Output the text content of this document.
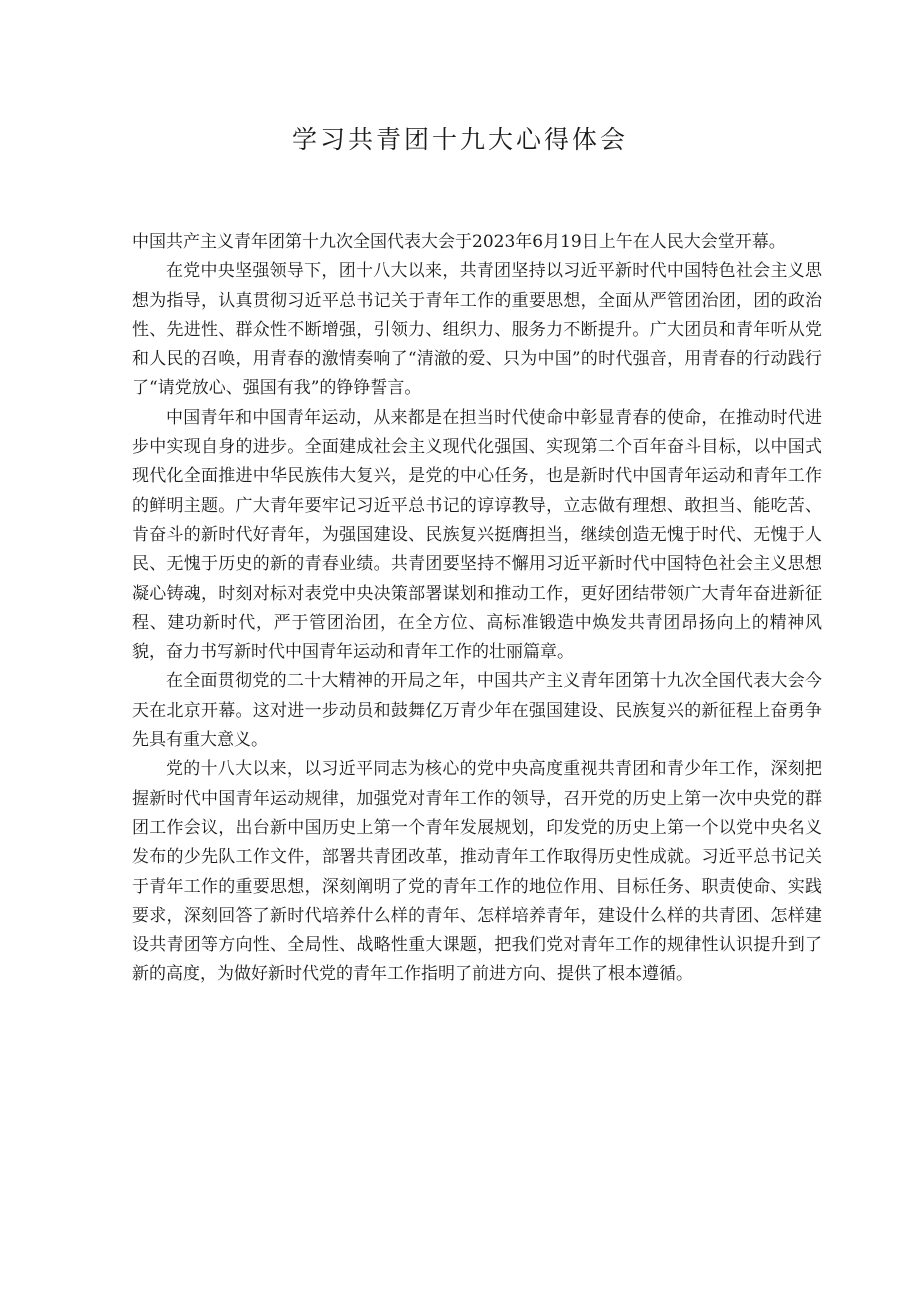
学习共青团十九大心得体会

中国共产主义青年团第十九次全国代表大会于2023年6月19日上午在人民大会堂开幕。

在党中央坚强领导下，团十八大以来，共青团坚持以习近平新时代中国特色社会主义思想为指导，认真贯彻习近平总书记关于青年工作的重要思想，全面从严管团治团，团的政治性、先进性、群众性不断增强，引领力、组织力、服务力不断提升。广大团员和青年听从党和人民的召唤，用青春的激情奏响了“清澈的爱、只为中国”的时代强音，用青春的行动践行了“请党放心、强国有我”的铮铮誓言。

中国青年和中国青年运动，从来都是在担当时代使命中彰显青春的使命，在推动时代进步中实现自身的进步。全面建成社会主义现代化强国、实现第二个百年奋斗目标，以中国式现代化全面推进中华民族伟大复兴，是党的中心任务，也是新时代中国青年运动和青年工作的鲜明主题。广大青年要牢记习近平总书记的谆谆教导，立志做有理想、敢担当、能吃苦、肯奋斗的新时代好青年，为强国建设、民族复兴挺膺担当，继续创造无愧于时代、无愧于人民、无愧于历史的新的青春业绩。共青团要坚持不懈用习近平新时代中国特色社会主义思想凝心铸魂，时刻对标对表党中央决策部署谋划和推动工作，更好团结带领广大青年奋进新征程、建功新时代，严于管团治团，在全方位、高标准锻造中焕发共青团昂扬向上的精神风貌，奋力书写新时代中国青年运动和青年工作的壮丽篇章。

在全面贯彻党的二十大精神的开局之年，中国共产主义青年团第十九次全国代表大会今天在北京开幕。这对进一步动员和鼓舞亿万青少年在强国建设、民族复兴的新征程上奋勇争先具有重大意义。

党的十八大以来，以习近平同志为核心的党中央高度重视共青团和青少年工作，深刻把握新时代中国青年运动规律，加强党对青年工作的领导，召开党的历史上第一次中央党的群团工作会议，出台新中国历史上第一个青年发展规划，印发党的历史上第一个以党中央名义发布的少先队工作文件，部署共青团改革，推动青年工作取得历史性成就。习近平总书记关于青年工作的重要思想，深刻阐明了党的青年工作的地位作用、目标任务、职责使命、实践要求，深刻回答了新时代培养什么样的青年、怎样培养青年，建设什么样的共青团、怎样建设共青团等方向性、全局性、战略性重大课题，把我们党对青年工作的规律性认识提升到了新的高度，为做好新时代党的青年工作指明了前进方向、提供了根本遵循。
